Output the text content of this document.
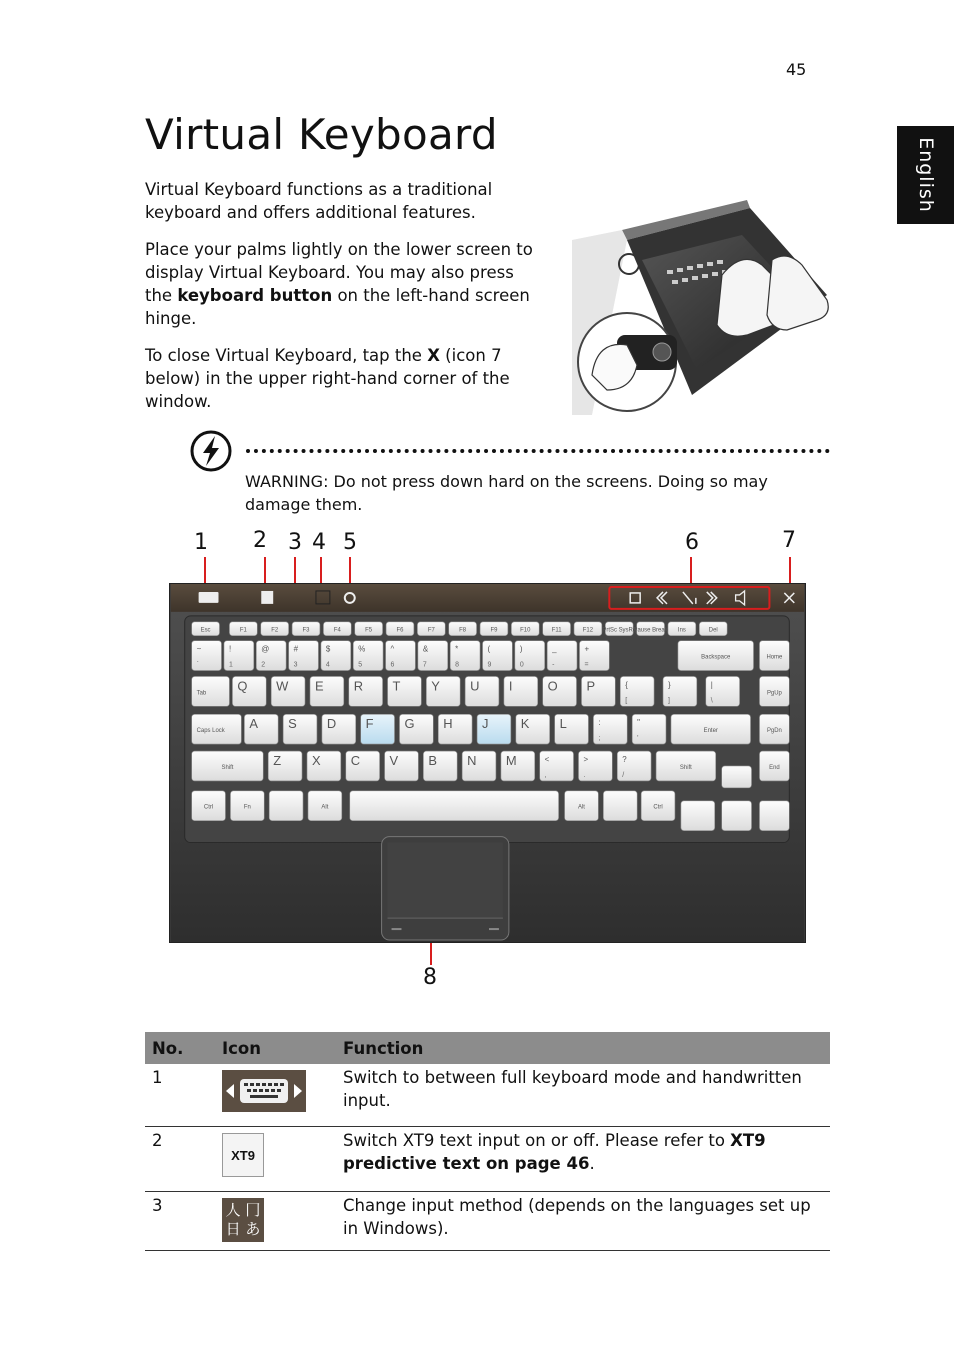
45
English
Virtual Keyboard

Virtual Keyboard functions as a traditional keyboard and offers additional features.

Place your palms lightly on the lower screen to display Virtual Keyboard. You may also press the keyboard button on the left-hand screen hinge.

To close Virtual Keyboard, tap the X (icon 7 below) in the upper right-hand corner of the window.

WARNING: Do not press down hard on the screens. Doing so may damage them.

1 2 3 4 5	6	7
8
Esc	F1	F2	F3	F4	F5	F6	F7	F8	F9	F10	F11	F12 PrtSc SysRq
Pause Break Ins	Del
~
`
!
1
@
2
#
3
$
4
%
5
^
6
&
7
*
8
(
9
)
0
_
-
+
=
Backspace	Home
Tab Q W E R T Y U I	O P	{
[
}
]
|
\
PgUp
Caps Lock A S D F G H J K L	:
;
"
'
Enter	PgDn
Shift	Z X C V B N M	<
,
>
.
?
/
Shift	End
Ctrl	Fn	Alt	Alt	Ctrl
No.	Icon	Function
1		Switch to between full keyboard mode and handwritten input.
2	XT9	Switch XT9 text input on or off. Please refer to XT9 predictive text on page 46.
3	人 冂 日 あ	Change input method (depends on the languages set up in Windows).
